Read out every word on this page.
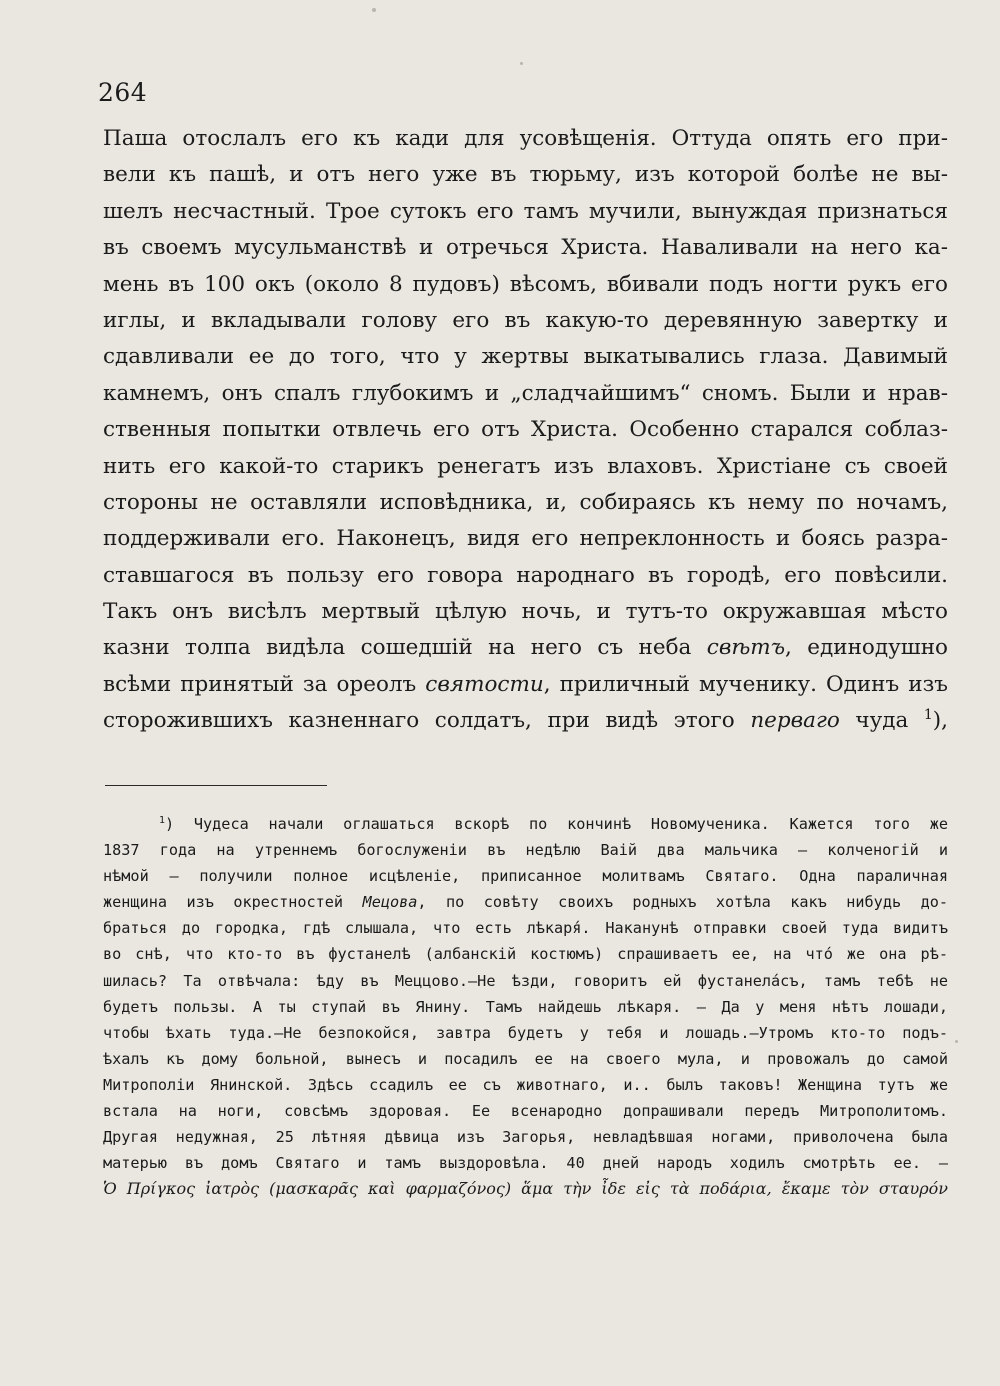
264
Паша отослалъ его къ кади для усовѣщенія. Оттуда опять его при-
вели къ пашѣ, и отъ него уже въ тюрьму, изъ которой болѣе не вы-
шелъ несчастный. Трое сутокъ его тамъ мучили, вынуждая признаться
въ своемъ мусульманствѣ и отречься Христа. Наваливали на него ка-
мень въ 100 окъ (около 8 пудовъ) вѣсомъ, вбивали подъ ногти рукъ его
иглы, и вкладывали голову его въ какую-то деревянную завертку и
сдавливали ее до того, что у жертвы выкатывались глаза. Давимый
камнемъ, онъ спалъ глубокимъ и „сладчайшимъ“ сномъ. Были и нрав-
ственныя попытки отвлечь его отъ Христа. Особенно старался соблаз-
нить его какой-то старикъ ренегатъ изъ влаховъ. Христіане съ своей
стороны не оставляли исповѣдника, и, собираясь къ нему по ночамъ,
поддерживали его. Наконецъ, видя его непреклонность и боясь разра-
ставшагося въ пользу его говора народнаго въ городѣ, его повѣсили.
Такъ онъ висѣлъ мертвый цѣлую ночь, и тутъ-то окружавшая мѣсто
казни толпа видѣла сошедшій на него съ неба свѣтъ, единодушно
всѣми принятый за ореолъ святости, приличный мученику. Одинъ изъ
сторожившихъ казненнаго солдатъ, при видѣ этого перваго чуда $^1$),
$^1$) Чудеса начали оглашаться вскорѣ по кончинѣ Новомученика. Кажется того же
1837 года на утреннемъ богослуженіи въ недѣлю Ваій два мальчика — колченогій и
нѣмой — получили полное исцѣленіе, приписанное молитвамъ Святаго. Одна параличная
женщина изъ окрестностей Мецова, по совѣту своихъ родныхъ хотѣла какъ нибудь до-
браться до городка, гдѣ слышала, что есть лѣкаря́. Наканунѣ отправки своей туда видитъ
во снѣ, что кто-то въ фустанелѣ (албанскій костюмъ) спрашиваетъ ее, на что́ же она рѣ-
шилась? Та отвѣчала: ѣду въ Меццово.—Не ѣзди, говоритъ ей фустанела́съ, тамъ тебѣ не
будетъ пользы. А ты ступай въ Янину. Тамъ найдешь лѣкаря. — Да у меня нѣтъ лошади,
чтобы ѣхать туда.—Не безпокойся, завтра будетъ у тебя и лошадь.—Утромъ кто-то подъ-
ѣхалъ къ дому больной, вынесъ и посадилъ ее на своего мула, и провожалъ до самой
Митрополіи Янинской. Здѣсь ссадилъ ее съ животнаго, и.. былъ таковъ! Женщина тутъ же
встала на ноги, совсѣмъ здоровая. Ее всенародно допрашивали передъ Митрополитомъ.
Другая недужная, 25 лѣтняя дѣвица изъ Загорья, невладѣвшая ногами, приволочена была
матерью въ домъ Святаго и тамъ выздоровѣла. 40 дней народъ ходилъ смотрѣть ее. —
Ὁ Πρίγκος ἰατρὸς (μασκαρᾶς καὶ φαρμαζόνος) ἅμα τὴν ἶδε εἰς τὰ ποδάρια, ἔκαμε τὸν σταυρόν
